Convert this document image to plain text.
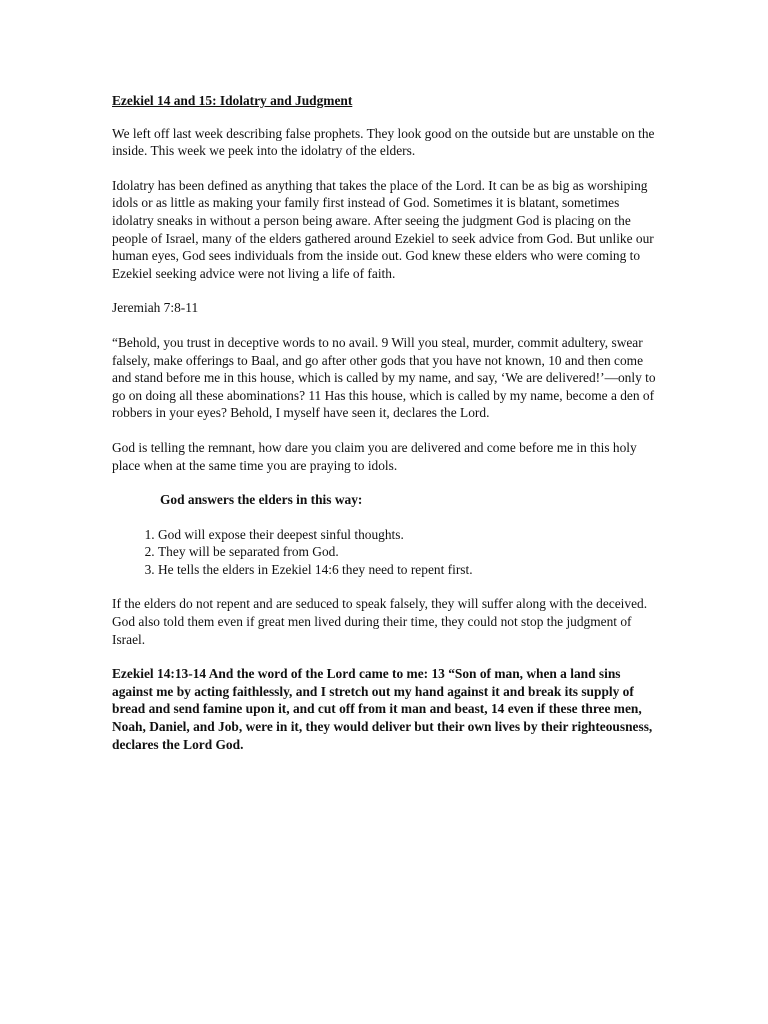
Ezekiel 14 and 15: Idolatry and Judgment

We left off last week describing false prophets. They look good on the outside but are unstable on the inside. This week we peek into the idolatry of the elders.

Idolatry has been defined as anything that takes the place of the Lord. It can be as big as worshiping idols or as little as making your family first instead of God. Sometimes it is blatant, sometimes idolatry sneaks in without a person being aware. After seeing the judgment God is placing on the people of Israel, many of the elders gathered around Ezekiel to seek advice from God. But unlike our human eyes, God sees individuals from the inside out. God knew these elders who were coming to Ezekiel seeking advice were not living a life of faith.

Jeremiah 7:8-11

“Behold, you trust in deceptive words to no avail. 9 Will you steal, murder, commit adultery, swear falsely, make offerings to Baal, and go after other gods that you have not known, 10 and then come and stand before me in this house, which is called by my name, and say, ‘We are delivered!’—only to go on doing all these abominations? 11 Has this house, which is called by my name, become a den of robbers in your eyes? Behold, I myself have seen it, declares the Lord.

God is telling the remnant, how dare you claim you are delivered and come before me in this holy place when at the same time you are praying to idols.

God answers the elders in this way:
1. God will expose their deepest sinful thoughts.
2. They will be separated from God.
3. He tells the elders in Ezekiel 14:6 they need to repent first.

If the elders do not repent and are seduced to speak falsely, they will suffer along with the deceived. God also told them even if great men lived during their time, they could not stop the judgment of Israel.

Ezekiel 14:13-14 And the word of the Lord came to me: 13 “Son of man, when a land sins against me by acting faithlessly, and I stretch out my hand against it and break its supply of bread and send famine upon it, and cut off from it man and beast, 14 even if these three men, Noah, Daniel, and Job, were in it, they would deliver but their own lives by their righteousness, declares the Lord God.
